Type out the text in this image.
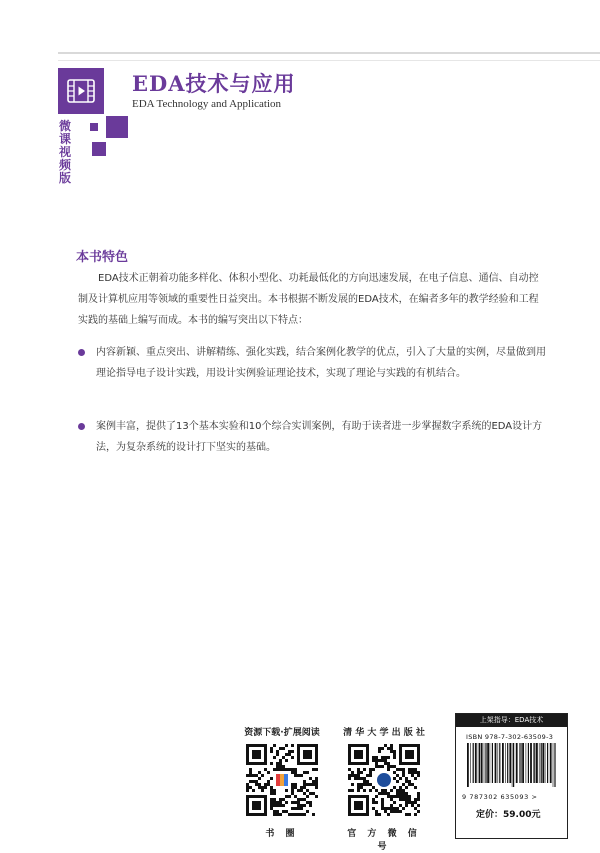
微
课
视
频
版
EDA技术与应用
EDA Technology and Application
本书特色
EDA技术正朝着功能多样化、体积小型化、功耗最低化的方向迅速发展，在电子信息、通信、自动控制及计算机应用等领域的重要性日益突出。本书根据不断发展的EDA技术，在编者多年的教学经验和工程实践的基础上编写而成。本书的编写突出以下特点：
内容新颖、重点突出、讲解精练、强化实践，结合案例化教学的优点，引入了大量的实例，尽量做到用理论指导电子设计实践，用设计实例验证理论技术，实现了理论与实践的有机结合。
案例丰富，提供了13个基本实验和10个综合实训案例，有助于读者进一步掌握数字系统的EDA设计方法，为复杂系统的设计打下坚实的基础。
资源下载·扩展阅读
书 圈
清 华 大 学 出 版 社
官 方 微 信 号
上架指导：EDA技术
ISBN 978-7-302-63509-3
9 787302 635093 >
定价：59.00元
